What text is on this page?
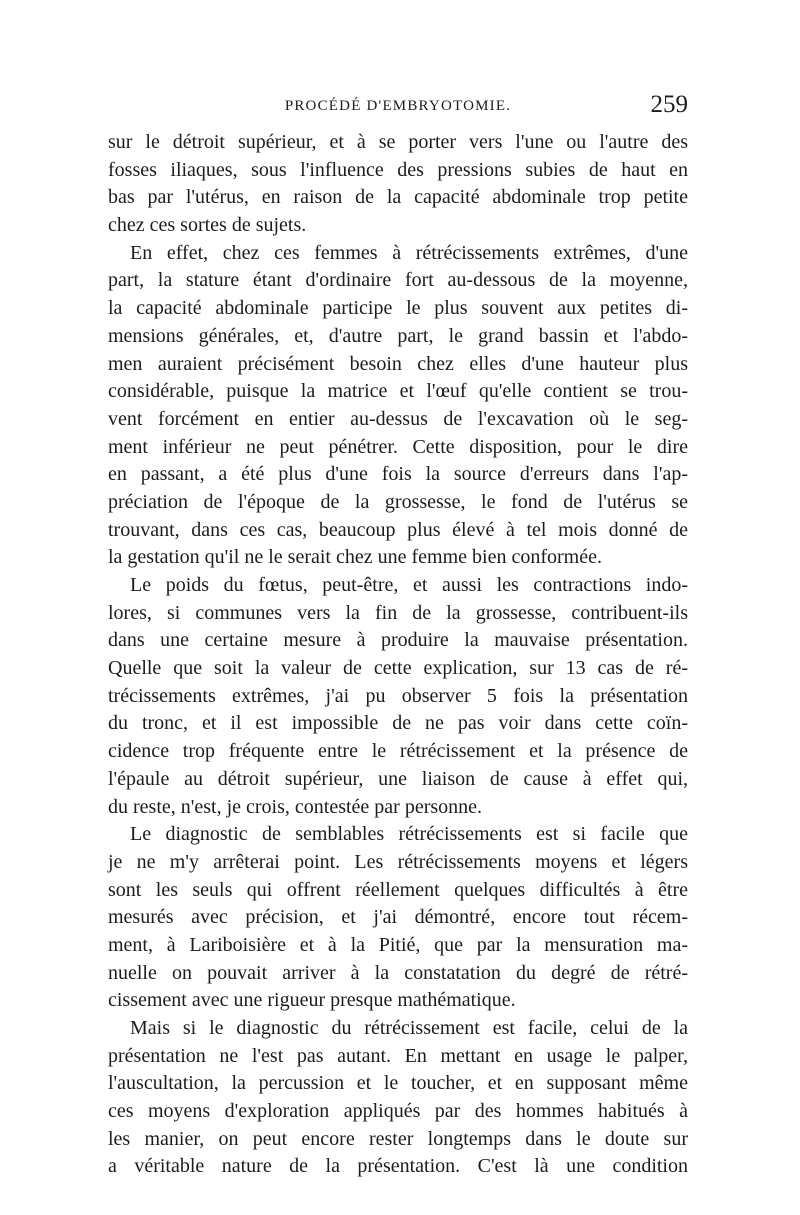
PROCÉDÉ D'EMBRYOTOMIE.	259
sur le détroit supérieur, et à se porter vers l'une ou l'autre des
fosses iliaques, sous l'influence des pressions subies de haut en
bas par l'utérus, en raison de la capacité abdominale trop petite
chez ces sortes de sujets.
En effet, chez ces femmes à rétrécissements extrêmes, d'une
part, la stature étant d'ordinaire fort au-dessous de la moyenne,
la capacité abdominale participe le plus souvent aux petites di-
mensions générales, et, d'autre part, le grand bassin et l'abdo-
men auraient précisément besoin chez elles d'une hauteur plus
considérable, puisque la matrice et l'œuf qu'elle contient se trou-
vent forcément en entier au-dessus de l'excavation où le seg-
ment inférieur ne peut pénétrer. Cette disposition, pour le dire
en passant, a été plus d'une fois la source d'erreurs dans l'ap-
préciation de l'époque de la grossesse, le fond de l'utérus se
trouvant, dans ces cas, beaucoup plus élevé à tel mois donné de
la gestation qu'il ne le serait chez une femme bien conformée.
Le poids du fœtus, peut-être, et aussi les contractions indo-
lores, si communes vers la fin de la grossesse, contribuent-ils
dans une certaine mesure à produire la mauvaise présentation.
Quelle que soit la valeur de cette explication, sur 13 cas de ré-
trécissements extrêmes, j'ai pu observer 5 fois la présentation
du tronc, et il est impossible de ne pas voir dans cette coïn-
cidence trop fréquente entre le rétrécissement et la présence de
l'épaule au détroit supérieur, une liaison de cause à effet qui,
du reste, n'est, je crois, contestée par personne.
Le diagnostic de semblables rétrécissements est si facile que
je ne m'y arrêterai point. Les rétrécissements moyens et légers
sont les seuls qui offrent réellement quelques difficultés à être
mesurés avec précision, et j'ai démontré, encore tout récem-
ment, à Lariboisière et à la Pitié, que par la mensuration ma-
nuelle on pouvait arriver à la constatation du degré de rétré-
cissement avec une rigueur presque mathématique.
Mais si le diagnostic du rétrécissement est facile, celui de la
présentation ne l'est pas autant. En mettant en usage le palper,
l'auscultation, la percussion et le toucher, et en supposant même
ces moyens d'exploration appliqués par des hommes habitués à
les manier, on peut encore rester longtemps dans le doute sur
a véritable nature de la présentation. C'est là une condition
